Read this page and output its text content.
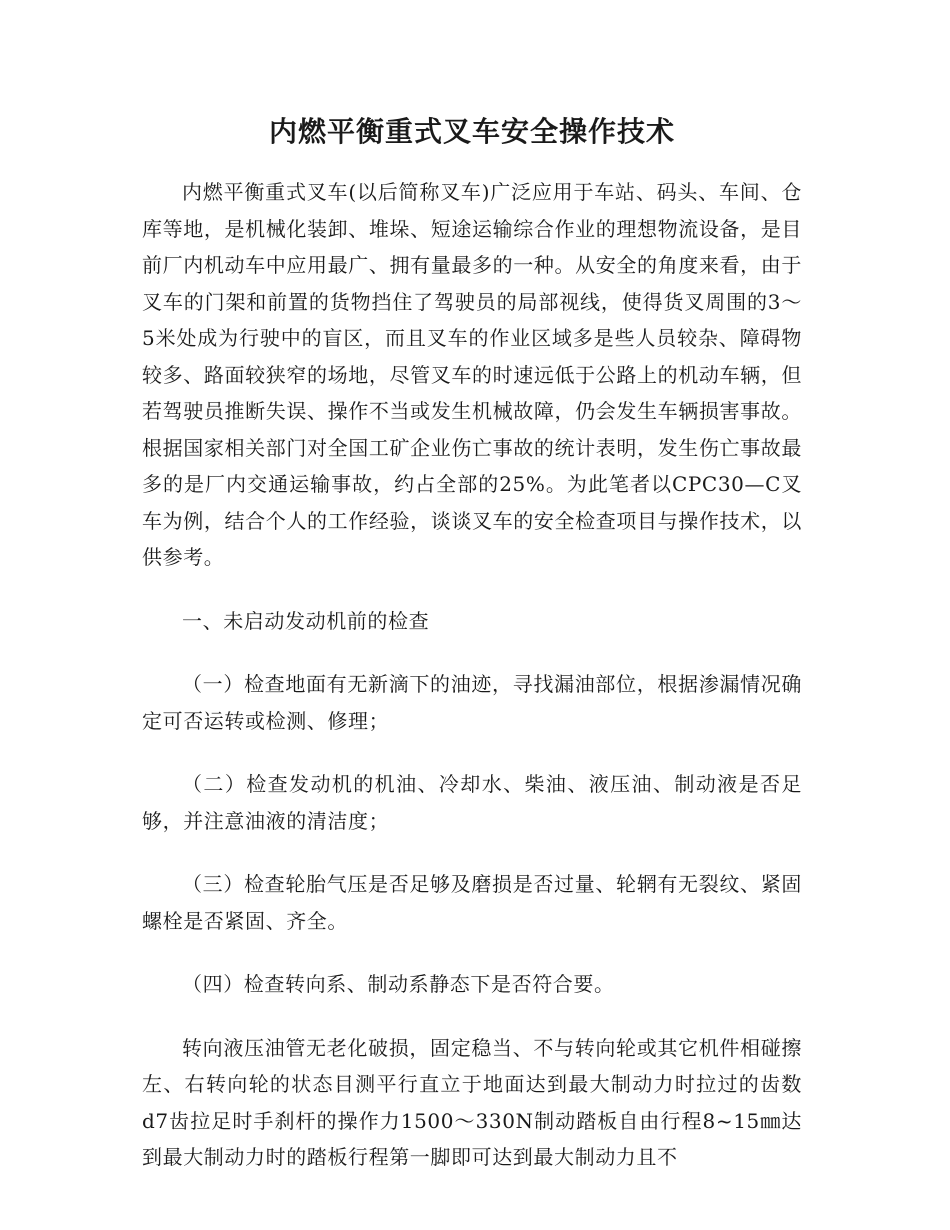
内燃平衡重式叉车安全操作技术

内燃平衡重式叉车(以后简称叉车)广泛应用于车站、码头、车间、仓库等地，是机械化装卸、堆垛、短途运输综合作业的理想物流设备，是目前厂内机动车中应用最广、拥有量最多的一种。从安全的角度来看，由于叉车的门架和前置的货物挡住了驾驶员的局部视线，使得货叉周围的3～5米处成为行驶中的盲区，而且叉车的作业区域多是些人员较杂、障碍物较多、路面较狭窄的场地，尽管叉车的时速远低于公路上的机动车辆，但若驾驶员推断失误、操作不当或发生机械故障，仍会发生车辆损害事故。根据国家相关部门对全国工矿企业伤亡事故的统计表明，发生伤亡事故最多的是厂内交通运输事故，约占全部的25%。为此笔者以CPC30—C叉车为例，结合个人的工作经验，谈谈叉车的安全检查项目与操作技术，以供参考。

一、未启动发动机前的检查

（一）检查地面有无新滴下的油迹，寻找漏油部位，根据渗漏情况确定可否运转或检测、修理；

（二）检查发动机的机油、冷却水、柴油、液压油、制动液是否足够，并注意油液的清洁度；

（三）检查轮胎气压是否足够及磨损是否过量、轮辋有无裂纹、紧固螺栓是否紧固、齐全。

（四）检查转向系、制动系静态下是否符合要。

转向液压油管无老化破损，固定稳当、不与转向轮或其它机件相碰擦左、右转向轮的状态目测平行直立于地面达到最大制动力时拉过的齿数d7齿拉足时手刹杆的操作力1500～330N制动踏板自由行程8~15㎜达到最大制动力时的踏板行程第一脚即可达到最大制动力且不
